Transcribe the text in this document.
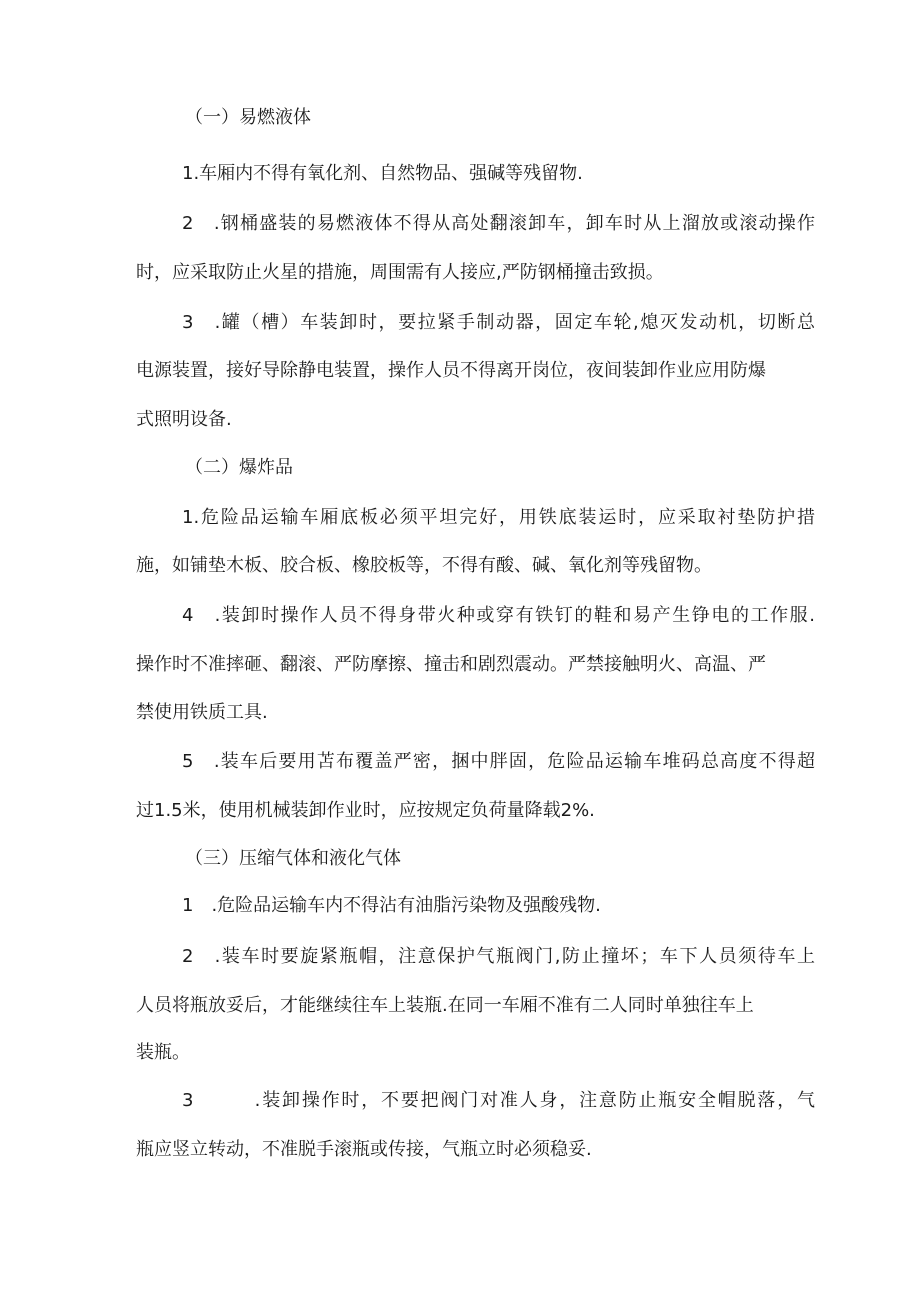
（一）易燃液体

1.车厢内不得有氧化剂、自然物品、强碱等残留物.

2　.钢桶盛装的易燃液体不得从高处翻滚卸车，卸车时从上溜放或滚动操作

时，应采取防止火星的措施，周围需有人接应,严防钢桶撞击致损。

3　.罐（槽）车装卸时，要拉紧手制动器，固定车轮,熄灭发动机，切断总

电源装置，接好导除静电装置，操作人员不得离开岗位，夜间装卸作业应用防爆

式照明设备.

（二）爆炸品

1.危险品运输车厢底板必须平坦完好，用铁底装运时，应采取衬垫防护措

施，如铺垫木板、胶合板、橡胶板等，不得有酸、碱、氧化剂等残留物。

4　.装卸时操作人员不得身带火种或穿有铁钉的鞋和易产生铮电的工作服.

操作时不准摔砸、翻滚、严防摩擦、撞击和剧烈震动。严禁接触明火、高温、严

禁使用铁质工具.

5　.装车后要用苫布覆盖严密，捆中胖固，危险品运输车堆码总高度不得超

过1.5米，使用机械装卸作业时，应按规定负荷量降载2%.

（三）压缩气体和液化气体

1　.危险品运输车内不得沾有油脂污染物及强酸残物.

2　.装车时要旋紧瓶帽，注意保护气瓶阀门,防止撞坏；车下人员须待车上

人员将瓶放妥后，才能继续往车上装瓶.在同一车厢不准有二人同时单独往车上

装瓶。

3　　　.装卸操作时，不要把阀门对准人身，注意防止瓶安全帽脱落，气

瓶应竖立转动，不准脱手滚瓶或传接，气瓶立时必须稳妥.
